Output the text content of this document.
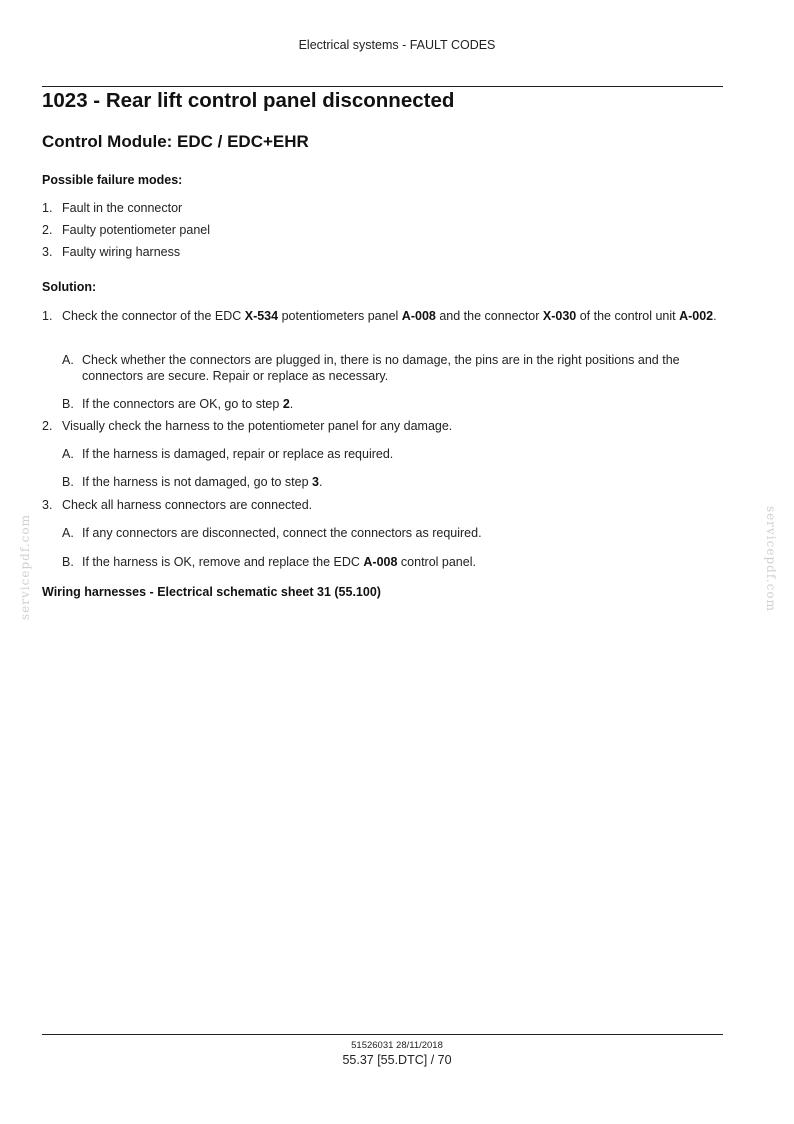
Electrical systems - FAULT CODES
1023 - Rear lift control panel disconnected
Control Module: EDC / EDC+EHR
Possible failure modes:
1. Fault in the connector
2. Faulty potentiometer panel
3. Faulty wiring harness
Solution:
1. Check the connector of the EDC X-534 potentiometers panel A-008 and the connector X-030 of the control unit A-002.
A. Check whether the connectors are plugged in, there is no damage, the pins are in the right positions and the connectors are secure. Repair or replace as necessary.
B. If the connectors are OK, go to step 2.
2. Visually check the harness to the potentiometer panel for any damage.
A. If the harness is damaged, repair or replace as required.
B. If the harness is not damaged, go to step 3.
3. Check all harness connectors are connected.
A. If any connectors are disconnected, connect the connectors as required.
B. If the harness is OK, remove and replace the EDC A-008 control panel.
Wiring harnesses - Electrical schematic sheet 31 (55.100)
servicepdf.com	servicepdf.com
51526031 28/11/2018
55.37 [55.DTC] / 70
